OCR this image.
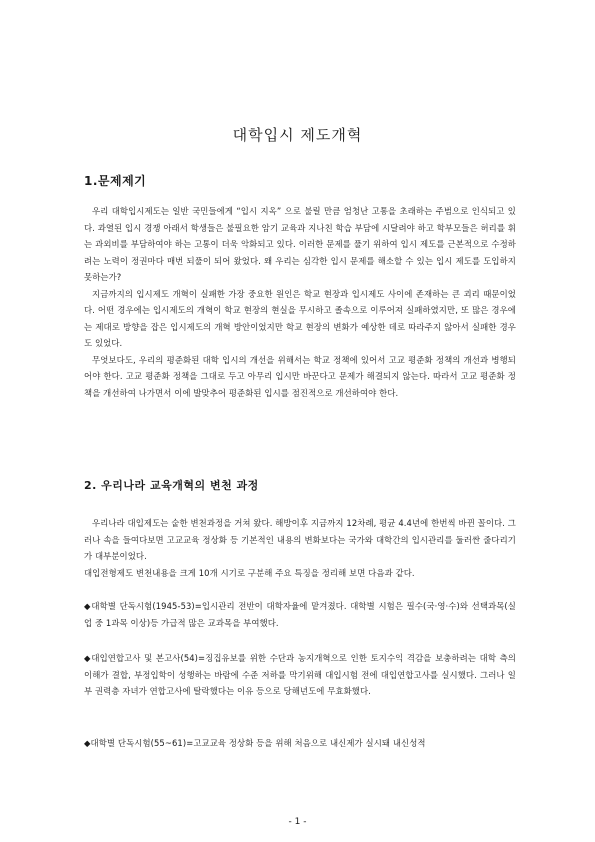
대학입시 제도개혁
1.문제제기

우리 대학입시제도는 일반 국민들에게 “입시 지옥” 으로 불릴 만큼 엄청난 고통을 초래하는 주범으로 인식되고 있다. 과열된 입시 경쟁 아래서 학생들은 불필요한 암기 교육과 지나친 학습 부담에 시달려야 하고 학부모들은 허리를 휘는 과외비를 부담하여야 하는 고통이 더욱 악화되고 있다. 이러한 문제를 풀기 위하여 입시 제도를 근본적으로 수정하려는 노력이 정권마다 매번 되풀이 되어 왔었다. 왜 우리는 심각한 입시 문제를 해소할 수 있는 입시 제도를 도입하지 못하는가?

지금까지의 입시제도 개혁이 실패한 가장 중요한 원인은 학교 현장과 입시제도 사이에 존재하는 큰 괴리 때문이었다. 어떤 경우에는 입시제도의 개혁이 학교 현장의 현실을 무시하고 졸속으로 이루어져 실패하였지만, 또 많은 경우에는 제대로 방향을 잡은 입시제도의 개혁 방안이었지만 학교 현장의 변화가 예상한 데로 따라주지 않아서 실패한 경우도 있었다.

무엇보다도, 우리의 평준화된 대학 입시의 개선을 위해서는 학교 정책에 있어서 고교 평준화 정책의 개선과 병행되어야 한다. 고교 평준화 정책을 그대로 두고 아무리 입시만 바꾼다고 문제가 해결되지 않는다. 따라서 고교 평준화 정책을 개선하여 나가면서 이에 발맞추어 평준화된 입시를 점진적으로 개선하여야 한다.

2. 우리나라 교육개혁의 변천 과정

우리나라 대입제도는 숱한 변천과정을 거쳐 왔다. 해방이후 지금까지 12차례, 평균 4.4년에 한번씩 바뀐 꼴이다. 그러나 속을 들여다보면 고교교육 정상화 등 기본적인 내용의 변화보다는 국가와 대학간의 입시관리를 둘러싼 줄다리기가 대부분이었다.

대입전형제도 변천내용을 크게 10개 시기로 구분해 주요 특징을 정리해 보면 다음과 같다.

◆대학별 단독시험(1945-53)=입시관리 전반이 대학자율에 맡겨졌다. 대학별 시험은 필수(국·영·수)와 선택과목(실업 중 1과목 이상)등 가급적 많은 교과목을 부여했다.

◆대입연합고사 및 본고사(54)=징집유보를 위한 수단과 농지개혁으로 인한 토지수익 격감을 보충하려는 대학 측의 이해가 결합, 부정입학이 성행하는 바람에 수준 저하를 막기위해 대입시험 전에 대입연합고사를 실시했다. 그러나 일부 권력층 자녀가 연합고사에 탈락했다는 이유 등으로 당해년도에 무효화했다.

◆대학별 단독시험(55~61)=고교교육 정상화 등을 위해 처음으로 내신제가 실시돼 내신성적

- 1 -
